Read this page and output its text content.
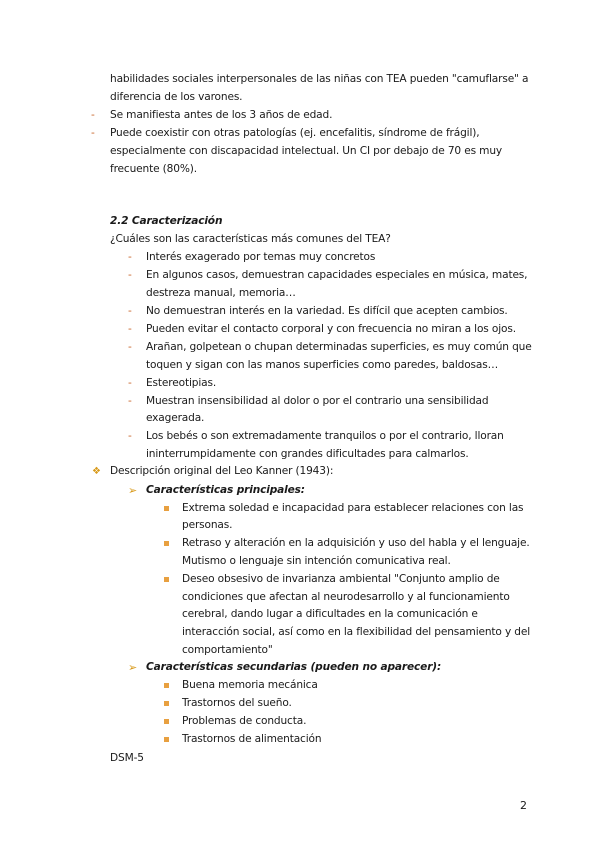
habilidades sociales interpersonales de las niñas con TEA pueden "camuflarse" a
diferencia de los varones.
- Se manifiesta antes de los 3 años de edad.
- Puede coexistir con otras patologías (ej. encefalitis, síndrome de frágil),
especialmente con discapacidad intelectual. Un CI por debajo de 70 es muy
frecuente (80%).
2.2 Caracterización
¿Cuáles son las características más comunes del TEA?
- Interés exagerado por temas muy concretos
- En algunos casos, demuestran capacidades especiales en música, mates,
destreza manual, memoria…
- No demuestran interés en la variedad. Es difícil que acepten cambios.
- Pueden evitar el contacto corporal y con frecuencia no miran a los ojos.
- Arañan, golpetean o chupan determinadas superficies, es muy común que
toquen y sigan con las manos superficies como paredes, baldosas…
- Estereotipias.
- Muestran insensibilidad al dolor o por el contrario una sensibilidad
exagerada.
- Los bebés o son extremadamente tranquilos o por el contrario, lloran
ininterrumpidamente con grandes dificultades para calmarlos.
❖ Descripción original del Leo Kanner (1943):
➢ Características principales:
Extrema soledad e incapacidad para establecer relaciones con las
personas.
Retraso y alteración en la adquisición y uso del habla y el lenguaje.
Mutismo o lenguaje sin intención comunicativa real.
Deseo obsesivo de invarianza ambiental "Conjunto amplio de
condiciones que afectan al neurodesarrollo y al funcionamiento
cerebral, dando lugar a dificultades en la comunicación e
interacción social, así como en la flexibilidad del pensamiento y del
comportamiento"
➢ Características secundarias (pueden no aparecer):
Buena memoria mecánica
Trastornos del sueño.
Problemas de conducta.
Trastornos de alimentación
DSM-5
2
